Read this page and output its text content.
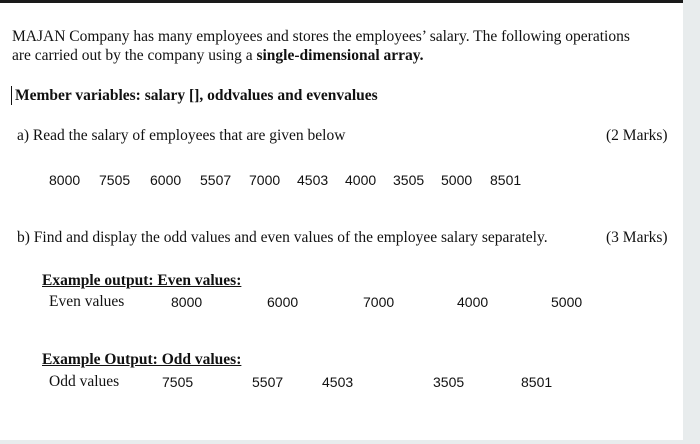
MAJAN Company has many employees and stores the employees’ salary. The following operations
are carried out by the company using a single-dimensional array.
Member variables: salary [], oddvalues and evenvalues
a) Read the salary of employees that are given below	(2 Marks)
8000 7505 6000 5507 7000 4503 4000 3505 5000 8501
b) Find and display the odd values and even values of the employee salary separately.	(3 Marks)
Example output: Even values:
Even values	8000	6000	7000	4000	5000
Example Output: Odd values:
Odd values	7505	5507	4503	3505	8501
